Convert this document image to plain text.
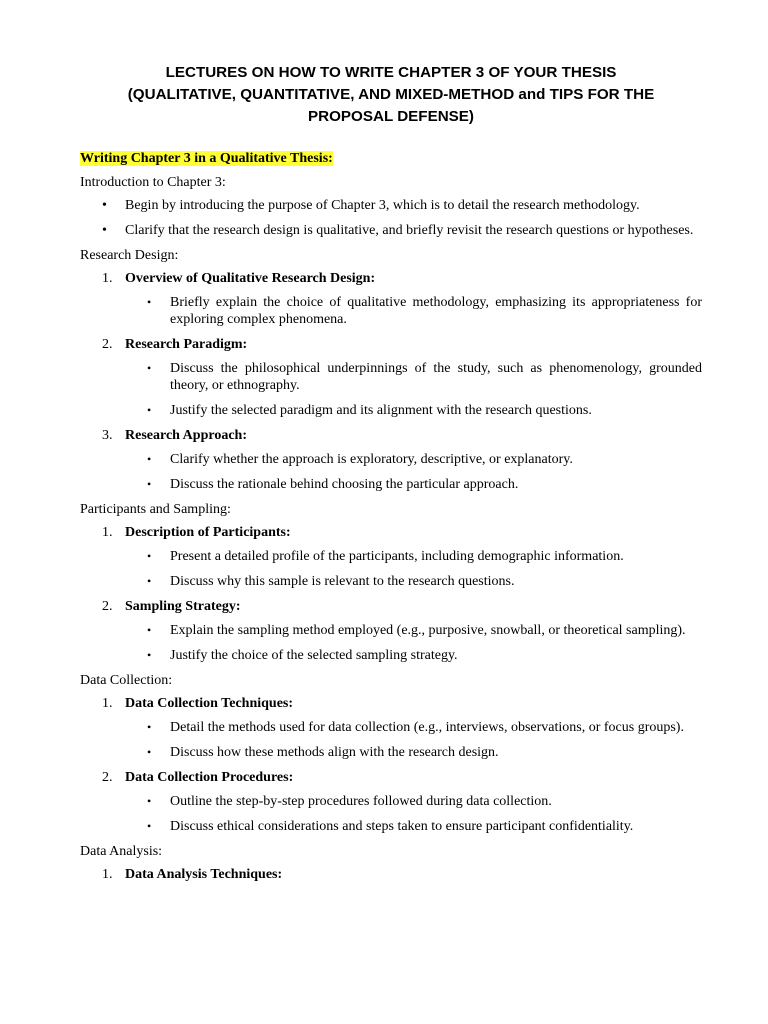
LECTURES ON HOW TO WRITE CHAPTER 3 OF YOUR THESIS
(QUALITATIVE, QUANTITATIVE, AND MIXED-METHOD and TIPS FOR THE
PROPOSAL DEFENSE)
Writing Chapter 3 in a Qualitative Thesis:
Introduction to Chapter 3:
• Begin by introducing the purpose of Chapter 3, which is to detail the research methodology.
• Clarify that the research design is qualitative, and briefly revisit the research questions or hypotheses.
Research Design:
1. Overview of Qualitative Research Design:
• Briefly explain the choice of qualitative methodology, emphasizing its appropriateness for exploring complex phenomena.
2. Research Paradigm:
• Discuss the philosophical underpinnings of the study, such as phenomenology, grounded theory, or ethnography.
• Justify the selected paradigm and its alignment with the research questions.
3. Research Approach:
• Clarify whether the approach is exploratory, descriptive, or explanatory.
• Discuss the rationale behind choosing the particular approach.
Participants and Sampling:
1. Description of Participants:
• Present a detailed profile of the participants, including demographic information.
• Discuss why this sample is relevant to the research questions.
2. Sampling Strategy:
• Explain the sampling method employed (e.g., purposive, snowball, or theoretical sampling).
• Justify the choice of the selected sampling strategy.
Data Collection:
1. Data Collection Techniques:
• Detail the methods used for data collection (e.g., interviews, observations, or focus groups).
• Discuss how these methods align with the research design.
2. Data Collection Procedures:
• Outline the step-by-step procedures followed during data collection.
• Discuss ethical considerations and steps taken to ensure participant confidentiality.
Data Analysis:
1. Data Analysis Techniques:
